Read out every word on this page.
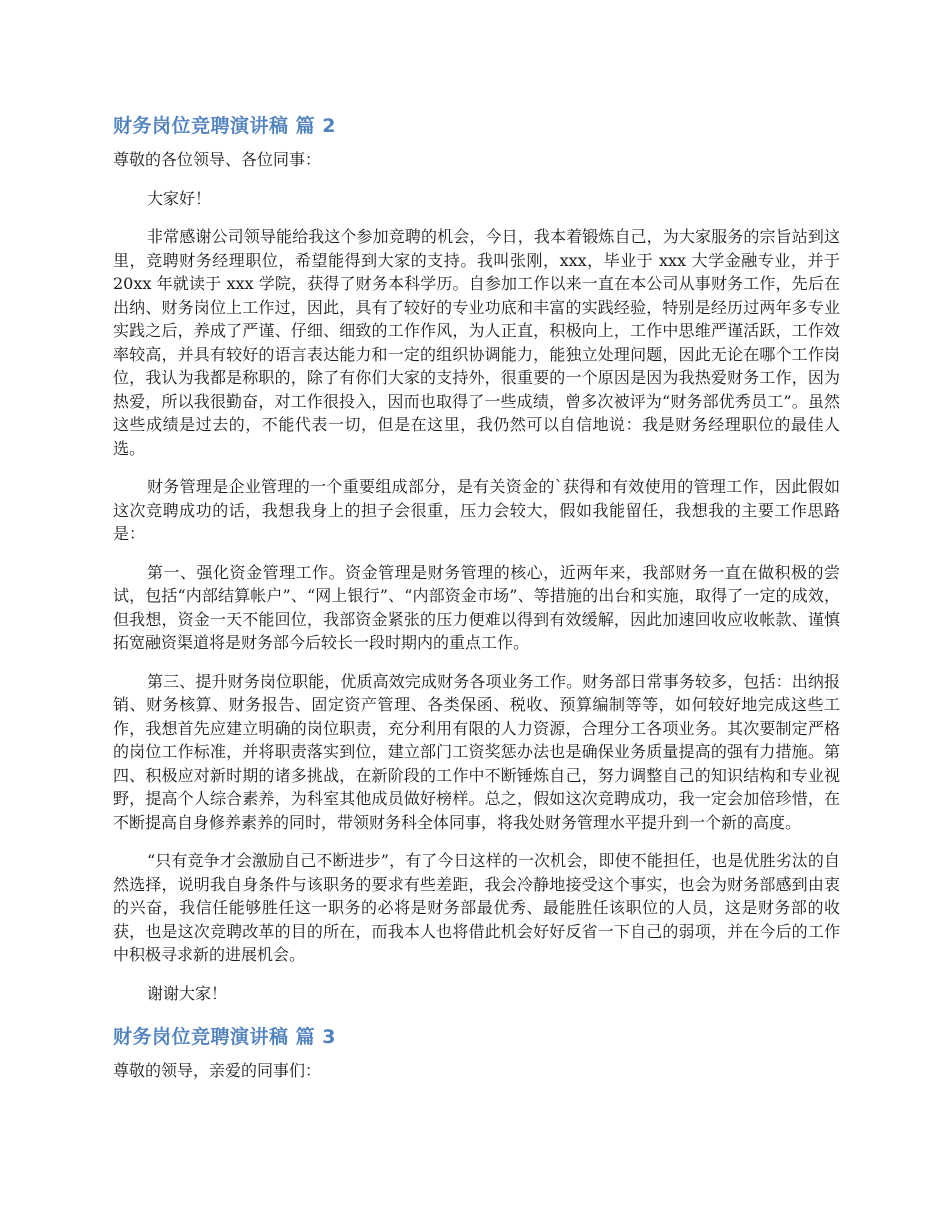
财务岗位竞聘演讲稿 篇 2

尊敬的各位领导、各位同事：

大家好！

非常感谢公司领导能给我这个参加竞聘的机会，今日，我本着锻炼自己，为大家服务的宗旨站到这里，竞聘财务经理职位，希望能得到大家的支持。我叫张刚，xxx，毕业于 xxx 大学金融专业，并于 20xx 年就读于 xxx 学院，获得了财务本科学历。自参加工作以来一直在本公司从事财务工作，先后在出纳、财务岗位上工作过，因此，具有了较好的专业功底和丰富的实践经验，特别是经历过两年多专业实践之后，养成了严谨、仔细、细致的工作作风，为人正直，积极向上，工作中思维严谨活跃，工作效率较高，并具有较好的语言表达能力和一定的组织协调能力，能独立处理问题，因此无论在哪个工作岗位，我认为我都是称职的，除了有你们大家的支持外，很重要的一个原因是因为我热爱财务工作，因为热爱，所以我很勤奋，对工作很投入，因而也取得了一些成绩，曾多次被评为“财务部优秀员工”。虽然这些成绩是过去的，不能代表一切，但是在这里，我仍然可以自信地说：我是财务经理职位的最佳人选。

财务管理是企业管理的一个重要组成部分，是有关资金的`获得和有效使用的管理工作，因此假如这次竞聘成功的话，我想我身上的担子会很重，压力会较大，假如我能留任，我想我的主要工作思路是：

第一、强化资金管理工作。资金管理是财务管理的核心，近两年来，我部财务一直在做积极的尝试，包括“内部结算帐户”、“网上银行”、“内部资金市场”、等措施的出台和实施，取得了一定的成效，但我想，资金一天不能回位，我部资金紧张的压力便难以得到有效缓解，因此加速回收应收帐款、谨慎拓宽融资渠道将是财务部今后较长一段时期内的重点工作。

第三、提升财务岗位职能，优质高效完成财务各项业务工作。财务部日常事务较多，包括：出纳报销、财务核算、财务报告、固定资产管理、各类保函、税收、预算编制等等，如何较好地完成这些工作，我想首先应建立明确的岗位职责，充分利用有限的人力资源，合理分工各项业务。其次要制定严格的岗位工作标准，并将职责落实到位，建立部门工资奖惩办法也是确保业务质量提高的强有力措施。第四、积极应对新时期的诸多挑战，在新阶段的工作中不断锤炼自己，努力调整自己的知识结构和专业视野，提高个人综合素养，为科室其他成员做好榜样。总之，假如这次竞聘成功，我一定会加倍珍惜，在不断提高自身修养素养的同时，带领财务科全体同事，将我处财务管理水平提升到一个新的高度。

“只有竞争才会激励自己不断进步”，有了今日这样的一次机会，即使不能担任，也是优胜劣汰的自然选择，说明我自身条件与该职务的要求有些差距，我会冷静地接受这个事实，也会为财务部感到由衷的兴奋，我信任能够胜任这一职务的必将是财务部最优秀、最能胜任该职位的人员，这是财务部的收获，也是这次竞聘改革的目的所在，而我本人也将借此机会好好反省一下自己的弱项，并在今后的工作中积极寻求新的进展机会。

谢谢大家！

财务岗位竞聘演讲稿 篇 3

尊敬的领导，亲爱的同事们：
